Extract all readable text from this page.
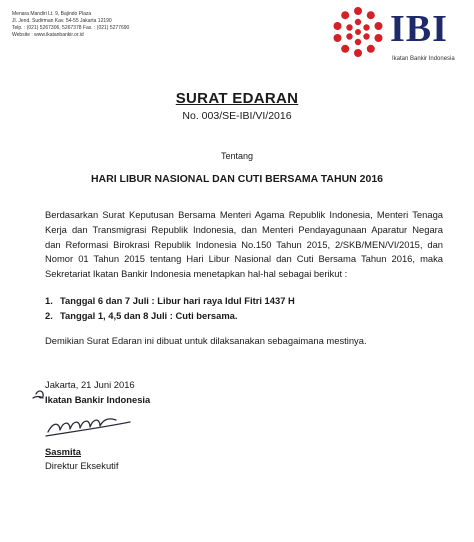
Menara Mandiri Lt. 9, Bajindo Plaza
Jl. Jend. Sudirman Kav. 54-55 Jakarta 12190
Telp. : (021) 5267306, 5267378 Fax. : (021) 5277690
Website : www.ikatanbankir.or.id	IBI
Ikatan Bankir Indonesia
SURAT EDARAN
No. 003/SE-IBI/VI/2016
Tentang
HARI LIBUR NASIONAL DAN CUTI BERSAMA TAHUN 2016
Berdasarkan Surat Keputusan Bersama Menteri Agama Republik Indonesia, Menteri Tenaga
Kerja dan Transmigrasi Republik Indonesia, dan Menteri Pendayagunaan Aparatur Negara
dan Reformasi Birokrasi Republik Indonesia No.150 Tahun 2015, 2/SKB/MEN/VI/2015, dan
Nomor 01 Tahun 2015 tentang Hari Libur Nasional dan Cuti Bersama Tahun 2016, maka
Sekretariat Ikatan Bankir Indonesia menetapkan hal-hal sebagai berikut :
1. Tanggal 6 dan 7 Juli : Libur hari raya Idul Fitri 1437 H
2. Tanggal 1, 4,5 dan 8 Juli : Cuti bersama.
Demikian Surat Edaran ini dibuat untuk dilaksanakan sebagaimana mestinya.
Jakarta, 21 Juni 2016
Ikatan Bankir Indonesia
Sasmita
Direktur Eksekutif
